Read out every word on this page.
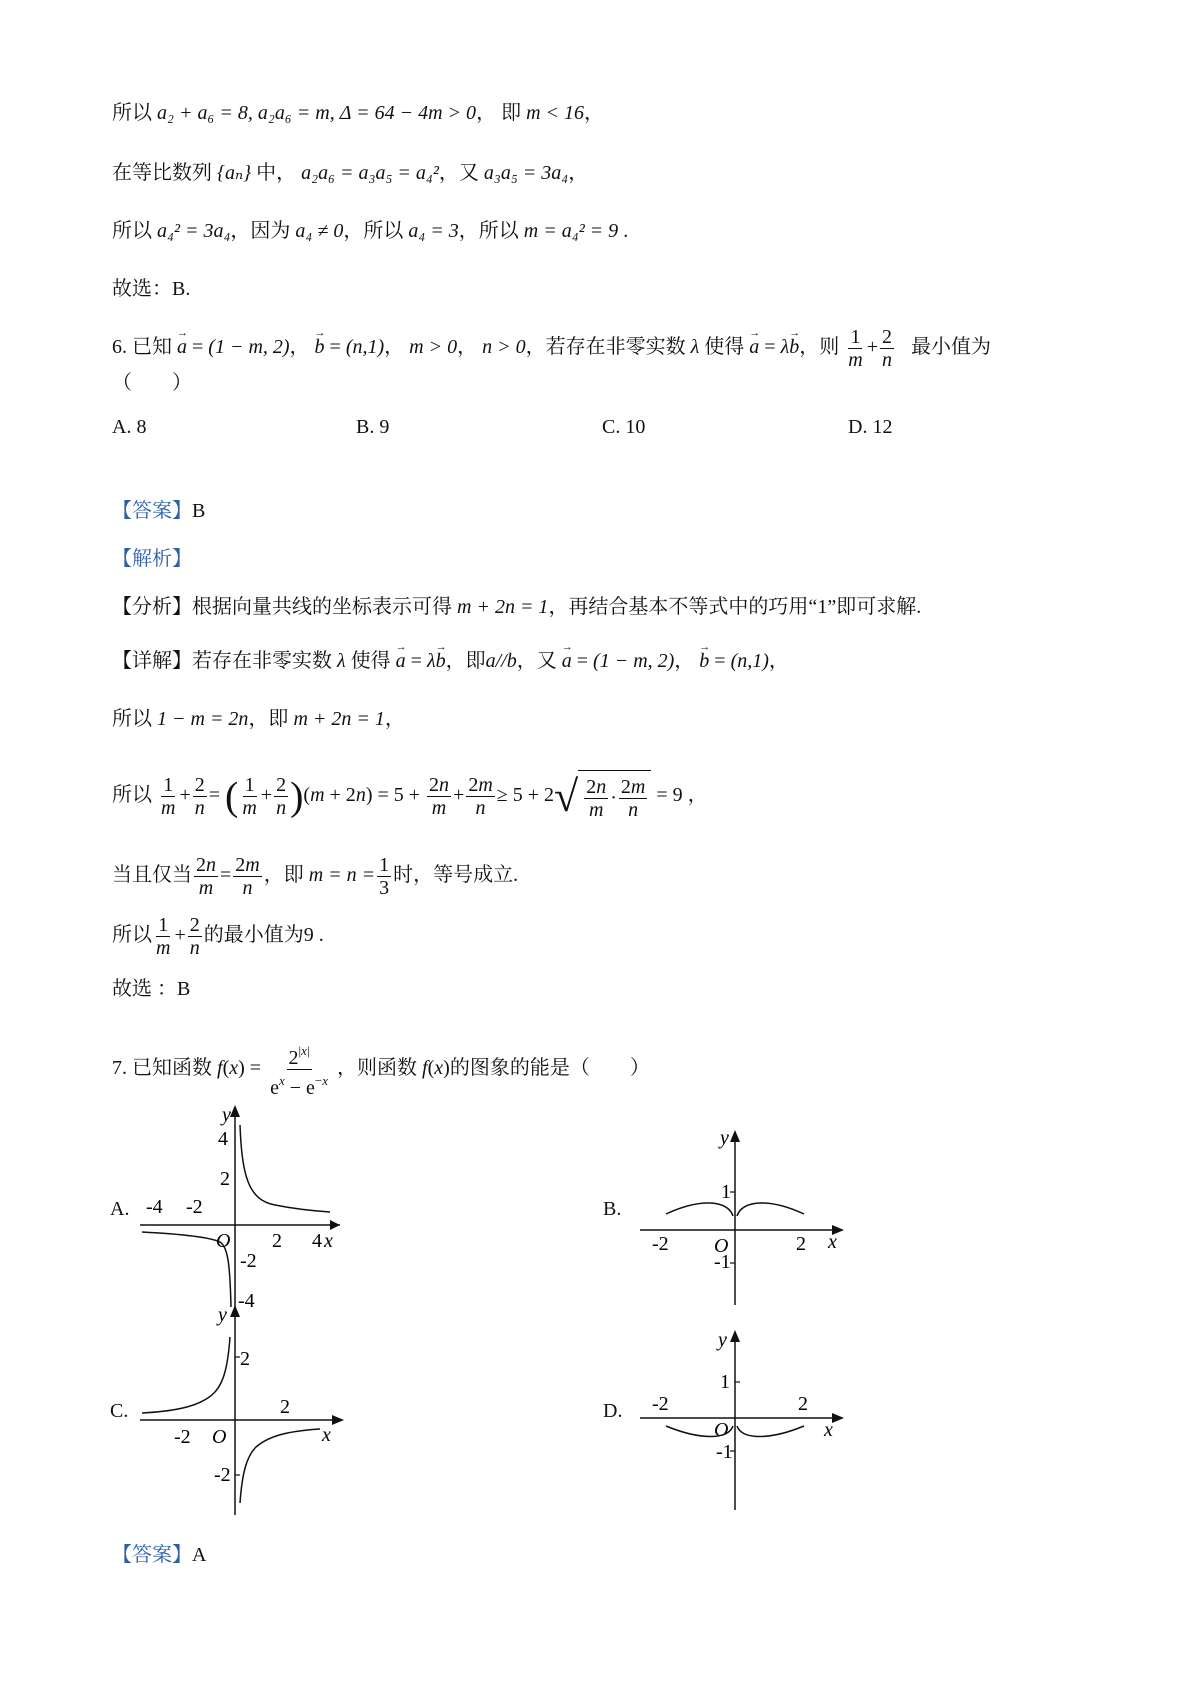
所以 a₂ + a₆ = 8, a₂a₆ = m, Δ = 64 − 4m > 0， 即 m < 16，
在等比数列 {aₙ} 中， a₂a₆ = a₃a₅ = a₄²，又 a₃a₅ = 3a₄，
所以 a₄² = 3a₄，因为 a₄ ≠ 0，所以 a₄ = 3，所以 m = a₄² = 9 .
故选：B.
6. 已知 → a = (1 − m, 2)， → b = (n,1)， m > 0， n > 0，若存在非零实数 λ 使得 → a = λ→ b，则 $\frac{1}{m} + \frac{2}{n}$ 最小值为
（　　）
A. 8	B. 9	C. 10	D. 12
【答案】B
【解析】
【分析】根据向量共线的坐标表示可得 m + 2n = 1，再结合基本不等式中的巧用“1”即可求解.
【详解】若存在非零实数 λ 使得 → a = λ→ b，即a//b，又 → a = (1 − m, 2)， → b = (n,1)，
所以 1 − m = 2n，即 m + 2n = 1，
所以 $\frac{1}{m} + \frac{2}{n}$ = ( $\frac{1}{m} + \frac{2}{n} )(m + 2n) = 5 + \frac{2n}{m} + \frac{2m}{n} \ge 5 + 2$ √ $\frac{2n}{m} \cdot \frac{2m}{n} = 9$ ，
当且仅当 $\frac{2n}{m} = \frac{2m}{n}$ ，即 $m = n = \frac{1}{3}$ 时，等号成立.
所以 $\frac{1}{m} + \frac{2}{n}$ 的最小值为9 .
故选 ：B
7. 已知函数 $f(x) = \frac{2^{|x|}}{e^x - e^{-x}}$ ，则函数 f(x)的图象的能是（　　）
A.	B.
C.	D.
y
x
O
4
2
-4 -2
2 4
-2
-4
y
x
O
1
-1
-2	2
y
x
O
2
2
-2
-2
y
x
O
1
-1
-2	2
【答案】A
